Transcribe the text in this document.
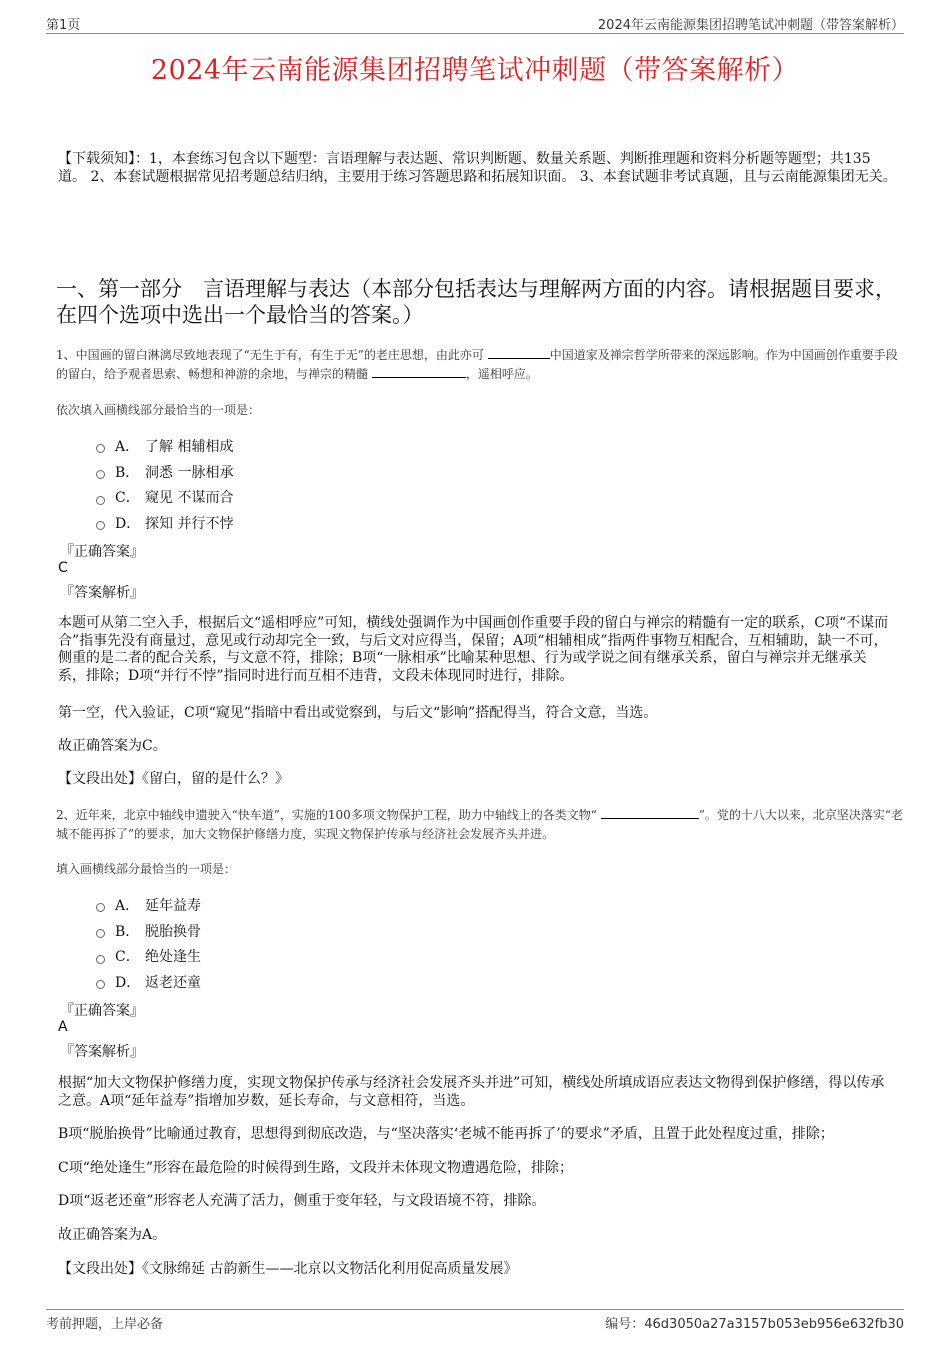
第1页	2024年云南能源集团招聘笔试冲刺题（带答案解析）
2024年云南能源集团招聘笔试冲刺题（带答案解析）
【下载须知】：1，本套练习包含以下题型：言语理解与表达题、常识判断题、数量关系题、判断推理题和资料分析题等题型；共135道。 2、本套试题根据常见招考题总结归纳，主要用于练习答题思路和拓展知识面。 3、本套试题非考试真题，且与云南能源集团无关。
一、第一部分　言语理解与表达（本部分包括表达与理解两方面的内容。请根据题目要求，在四个选项中选出一个最恰当的答案。）
1、中国画的留白淋漓尽致地表现了“无生于有，有生于无”的老庄思想，由此亦可	中国道家及禅宗哲学所带来的深远影响。作为中国画创作重要手段的留白，给予观者思索、畅想和神游的余地，与禅宗的精髓	，遥相呼应。
依次填入画横线部分最恰当的一项是：
A． 了解 相辅相成
B． 洞悉 一脉相承
C． 窥见 不谋而合
D． 探知 并行不悖
『正确答案』
C
『答案解析』
本题可从第二空入手，根据后文“遥相呼应”可知，横线处强调作为中国画创作重要手段的留白与禅宗的精髓有一定的联系，C项“不谋而合”指事先没有商量过，意见或行动却完全一致，与后文对应得当，保留；A项“相辅相成”指两件事物互相配合，互相辅助，缺一不可，侧重的是二者的配合关系，与文意不符，排除；B项“一脉相承”比喻某种思想、行为或学说之间有继承关系，留白与禅宗并无继承关系，排除；D项“并行不悖”指同时进行而互相不违背，文段未体现同时进行，排除。
第一空，代入验证，C项“窥见”指暗中看出或觉察到，与后文“影响”搭配得当，符合文意，当选。
故正确答案为C。
【文段出处】《留白，留的是什么？》
2、近年来，北京中轴线申遗驶入“快车道”，实施的100多项文物保护工程，助力中轴线上的各类文物“	”。党的十八大以来，北京坚决落实“老城不能再拆了”的要求，加大文物保护修缮力度，实现文物保护传承与经济社会发展齐头并进。
填入画横线部分最恰当的一项是：
A． 延年益寿
B． 脱胎换骨
C． 绝处逢生
D． 返老还童
『正确答案』
A
『答案解析』
根据“加大文物保护修缮力度，实现文物保护传承与经济社会发展齐头并进”可知，横线处所填成语应表达文物得到保护修缮，得以传承之意。A项“延年益寿”指增加岁数，延长寿命，与文意相符，当选。
B项“脱胎换骨”比喻通过教育，思想得到彻底改造，与“坚决落实‘老城不能再拆了’的要求”矛盾，且置于此处程度过重，排除；
C项“绝处逢生”形容在最危险的时候得到生路，文段并未体现文物遭遇危险，排除；
D项“返老还童”形容老人充满了活力，侧重于变年轻，与文段语境不符，排除。
故正确答案为A。
【文段出处】《文脉绵延 古韵新生——北京以文物活化利用促高质量发展》
考前押题，上岸必备	编号：46d3050a27a3157b053eb956e632fb30
